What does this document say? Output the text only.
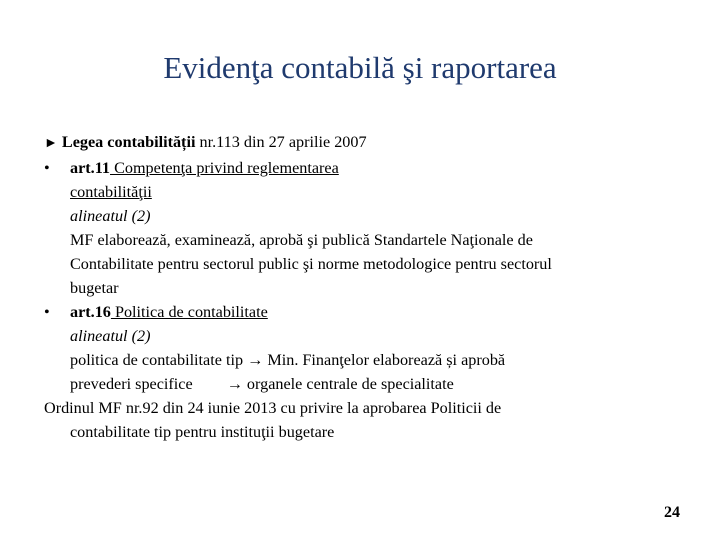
Evidenţa contabilă şi raportarea
► Legea contabilității nr.113 din 27 aprilie 2007
• art.11 Competenţa privind reglementarea
contabilităţii
alineatul (2)
MF elaborează, examinează, aprobă şi publică Standartele Naţionale de
Contabilitate pentru sectorul public şi norme metodologice pentru sectorul
bugetar
• art.16 Politica de contabilitate
alineatul (2)
politica de contabilitate tip → Min. Finanţelor elaborează și aprobă
prevederi specifice → organele centrale de specialitate
Ordinul MF nr.92 din 24 iunie 2013 cu privire la aprobarea Politicii de
contabilitate tip pentru instituţii bugetare
24
